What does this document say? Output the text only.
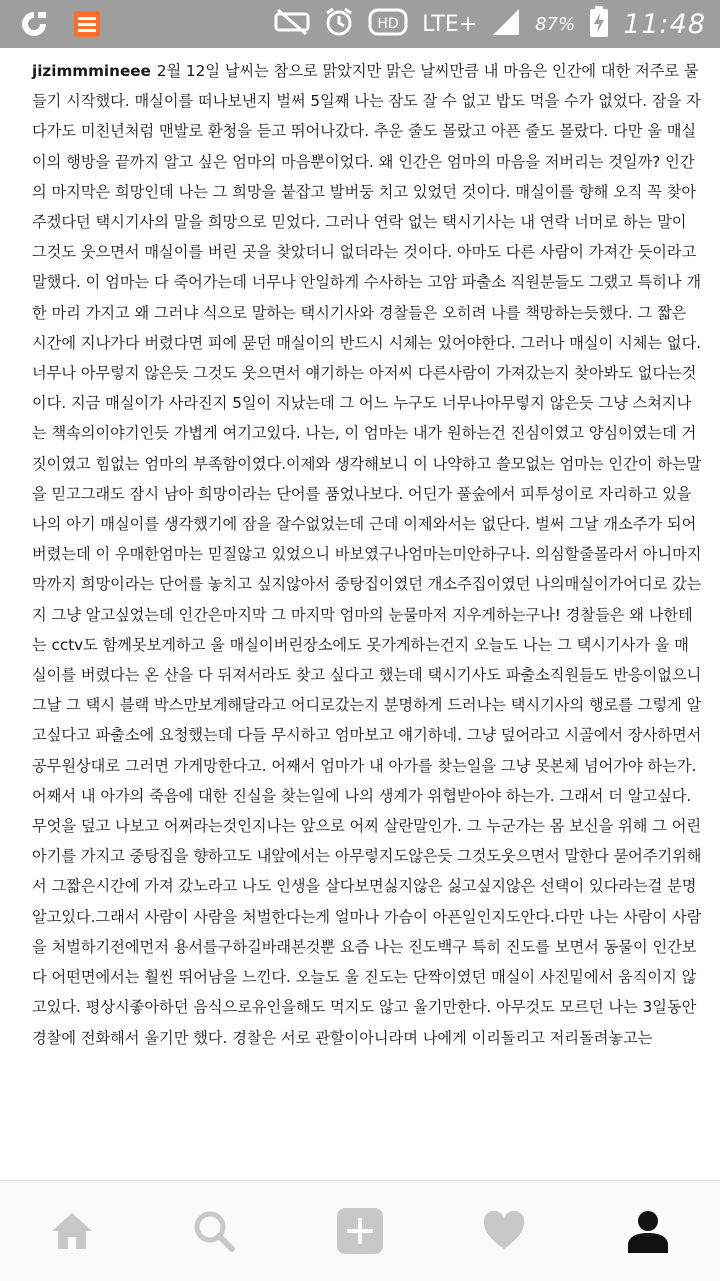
HD LTE+	87% 11:48
jizimmmineee 2월 12일 날씨는 참으로 맑았지만 맑은 날씨만큼 내 마음은 인간에 대한 저주로 물들기 시작했다. 매실이를 떠나보낸지 벌써 5일째 나는 잠도 잘 수 없고 밥도 먹을 수가 없었다. 잠을 자다가도 미친년처럼 맨발로 환청을 듣고 뛰어나갔다. 추운 줄도 몰랐고 아픈 줄도 몰랐다. 다만 울 매실이의 행방을 끝까지 알고 싶은 엄마의 마음뿐이었다. 왜 인간은 엄마의 마음을 저버리는 것일까? 인간의 마지막은 희망인데 나는 그 희망을 붙잡고 발버둥 치고 있었던 것이다. 매실이를 향해 오직 꼭 찾아 주겠다던 택시기사의 말을 희망으로 믿었다. 그러나 연락 없는 택시기사는 내 연락 너머로 하는 말이 그것도 웃으면서 매실이를 버린 곳을 찾았더니 없더라는 것이다. 아마도 다른 사람이 가져간 듯이라고 말했다. 이 엄마는 다 죽어가는데 너무나 안일하게 수사하는 고암 파출소 직원분들도 그랬고 특히나 개 한 마리 가지고 왜 그러냐 식으로 말하는 택시기사와 경찰들은 오히려 나를 책망하는듯했다. 그 짧은 시간에 지나가다 버렸다면 피에 묻던 매실이의 반드시 시체는 있어야한다. 그러나 매실이 시체는 없다. 너무나 아무렇지 않은듯 그것도 웃으면서 얘기하는 아저씨 다른사람이 가져갔는지 찾아봐도 없다는것이다. 지금 매실이가 사라진지 5일이 지났는데 그 어느 누구도 너무나아무렇지 않은듯 그냥 스쳐지나는 책속의이야기인듯 가볍게 여기고있다. 나는, 이 엄마는 내가 원하는건 진심이였고 양심이였는데 거짓이였고 힘없는 엄마의 부족함이였다.이제와 생각해보니 이 나약하고 쓸모없는 엄마는 인간이 하는말을 믿고그래도 잠시 남아 희망이라는 단어를 품었나보다. 어딘가 풀숲에서 피투성이로 자리하고 있을 나의 아기 매실이를 생각했기에 잠을 잘수없었는데 근데 이제와서는 없단다. 벌써 그날 개소주가 되어버렸는데 이 우매한엄마는 믿질않고 있었으니 바보였구나엄마는미안하구나. 의심할줄몰라서 아니마지막까지 희망이라는 단어를 놓치고 싶지않아서 중탕집이였던 개소주집이였던 나의매실이가어디로 갔는지 그냥 알고싶었는데 인간은마지막 그 마지막 엄마의 눈물마저 지우게하는구나! 경찰들은 왜 나한테는 cctv도 함께못보게하고 울 매실이버린장소에도 못가게하는건지 오늘도 나는 그 택시기사가 울 매실이를 버렸다는 온 산을 다 뒤져서라도 찾고 싶다고 했는데 택시기사도 파출소직원들도 반응이없으니 그날 그 택시 블랙 박스만보게해달라고 어디로갔는지 분명하게 드러나는 택시기사의 행로를 그렇게 알고싶다고 파출소에 요청했는데 다들 무시하고 엄마보고 얘기하네. 그냥 덮어라고 시골에서 장사하면서 공무원상대로 그러면 가게망한다고. 어째서 엄마가 내 아가를 찾는일을 그냥 못본체 넘어가야 하는가. 어째서 내 아가의 죽음에 대한 진실을 찾는일에 나의 생계가 위협받아야 하는가. 그래서 더 알고싶다. 무엇을 덮고 나보고 어쩌라는것인지나는 앞으로 어찌 살란말인가. 그 누군가는 몸 보신을 위해 그 어린 아기를 가지고 중탕집을 향하고도 내앞에서는 아무렇지도않은듯 그것도웃으면서 말한다 묻어주기위해서 그짧은시간에 가져 갔노라고 나도 인생을 살다보면싫지않은 싫고싶지않은 선택이 있다라는걸 분명알고있다.그래서 사람이 사람을 처벌한다는게 얼마나 가슴이 아픈일인지도안다.다만 나는 사람이 사람을 처벌하기전에먼저 용서를구하길바래본것뿐 요즘 나는 진도백구 특히 진도를 보면서 동물이 인간보다 어떤면에서는 훨씬 뛰어남을 느낀다. 오늘도 울 진도는 단짝이였던 매실이 사진밑에서 움직이지 않고있다. 평상시좋아하던 음식으로유인을해도 먹지도 않고 울기만한다. 아무것도 모르던 나는 3일동안 경찰에 전화해서 울기만 했다. 경찰은 서로 관할이아니라며 나에게 이리돌리고 저리돌려놓고는
